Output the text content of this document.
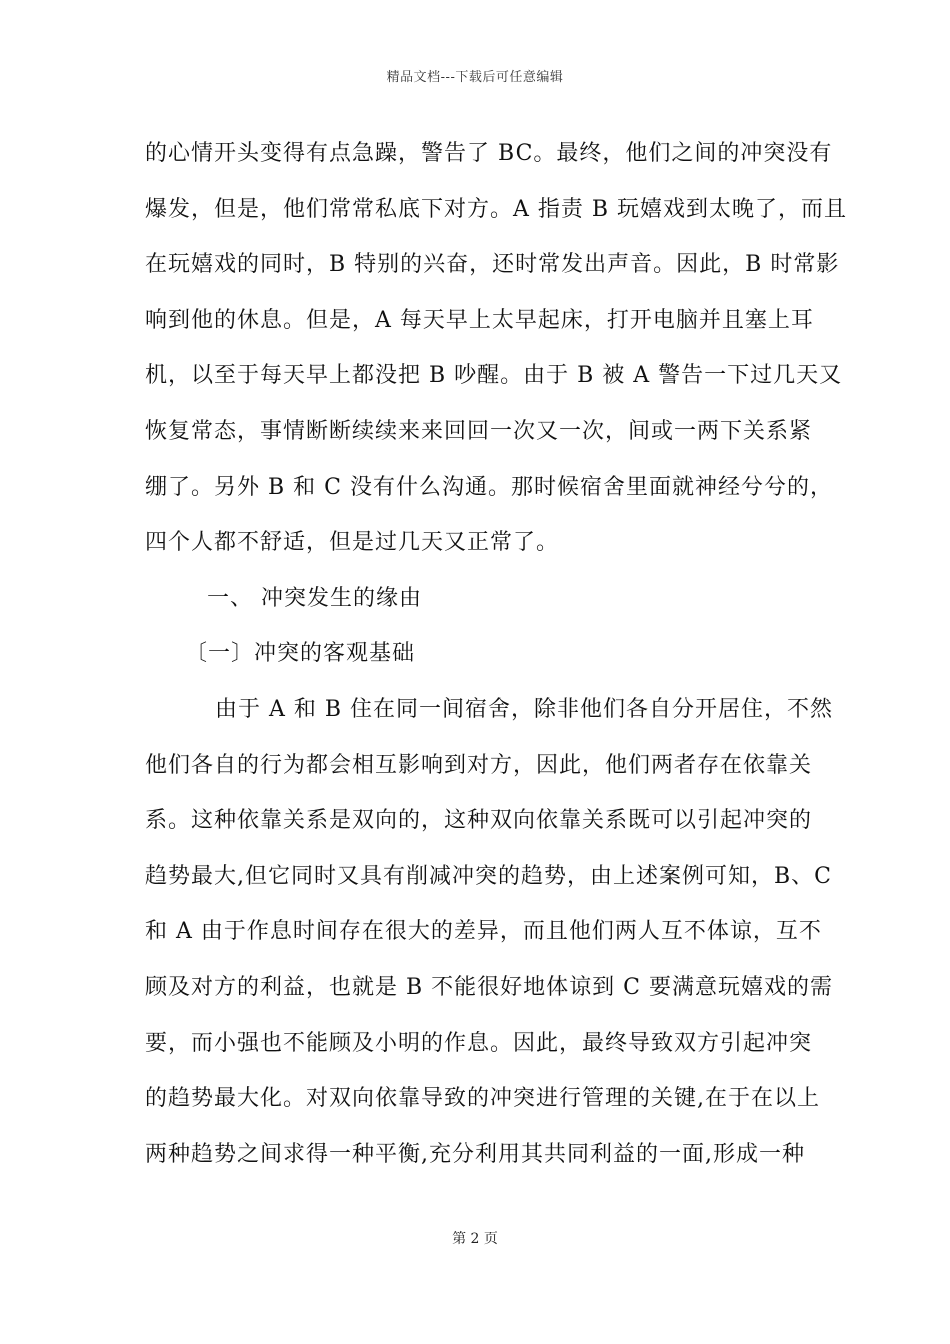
精品文档---下载后可任意编辑
的心情开头变得有点急躁，警告了 BC。最终，他们之间的冲突没有
爆发，但是，他们常常私底下对方。A 指责 B 玩嬉戏到太晚了，而且
在玩嬉戏的同时，B 特别的兴奋，还时常发出声音。因此，B 时常影
响到他的休息。但是，A 每天早上太早起床，打开电脑并且塞上耳
机，以至于每天早上都没把 B 吵醒。由于 B 被 A 警告一下过几天又
恢复常态，事情断断续续来来回回一次又一次，间或一两下关系紧
绷了。另外 B 和 C 没有什么沟通。那时候宿舍里面就神经兮兮的，
四个人都不舒适，但是过几天又正常了。
一、 冲突发生的缘由
〔一〕冲突的客观基础
由于 A 和 B 住在同一间宿舍，除非他们各自分开居住，不然
他们各自的行为都会相互影响到对方，因此，他们两者存在依靠关
系。这种依靠关系是双向的，这种双向依靠关系既可以引起冲突的
趋势最大,但它同时又具有削减冲突的趋势，由上述案例可知，B、C
和 A 由于作息时间存在很大的差异，而且他们两人互不体谅，互不
顾及对方的利益，也就是 B 不能很好地体谅到 C 要满意玩嬉戏的需
要，而小强也不能顾及小明的作息。因此，最终导致双方引起冲突
的趋势最大化。对双向依靠导致的冲突进行管理的关键,在于在以上
两种趋势之间求得一种平衡,充分利用其共同利益的一面,形成一种
第 2 页
